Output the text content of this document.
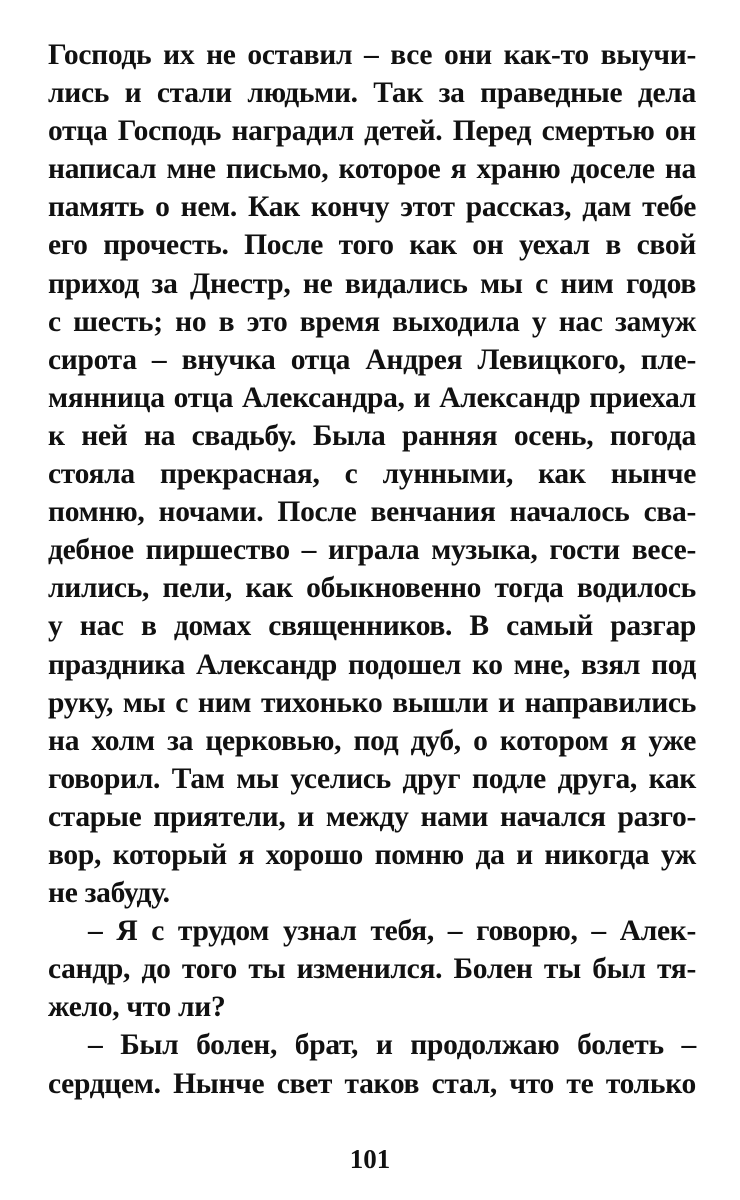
Господь их не оставил – все они как-то выучи-
лись и стали людьми. Так за праведные дела
отца Господь наградил детей. Перед смертью он
написал мне письмо, которое я храню доселе на
память о нем. Как кончу этот рассказ, дам тебе
его прочесть. После того как он уехал в свой
приход за Днестр, не видались мы с ним годов
с шесть; но в это время выходила у нас замуж
сирота – внучка отца Андрея Левицкого, пле-
мянница отца Александра, и Александр приехал
к ней на свадьбу. Была ранняя осень, погода
стояла прекрасная, с лунными, как нынче
помню, ночами. После венчания началось сва-
дебное пиршество – играла музыка, гости весе-
лились, пели, как обыкновенно тогда водилось
у нас в домах священников. В самый разгар
праздника Александр подошел ко мне, взял под
руку, мы с ним тихонько вышли и направились
на холм за церковью, под дуб, о котором я уже
говорил. Там мы уселись друг подле друга, как
старые приятели, и между нами начался разго-
вор, который я хорошо помню да и никогда уж
не забуду.

– Я с трудом узнал тебя, – говорю, – Алек-
сандр, до того ты изменился. Болен ты был тя-
жело, что ли?

– Был болен, брат, и продолжаю болеть –
сердцем. Нынче свет таков стал, что те только

101
